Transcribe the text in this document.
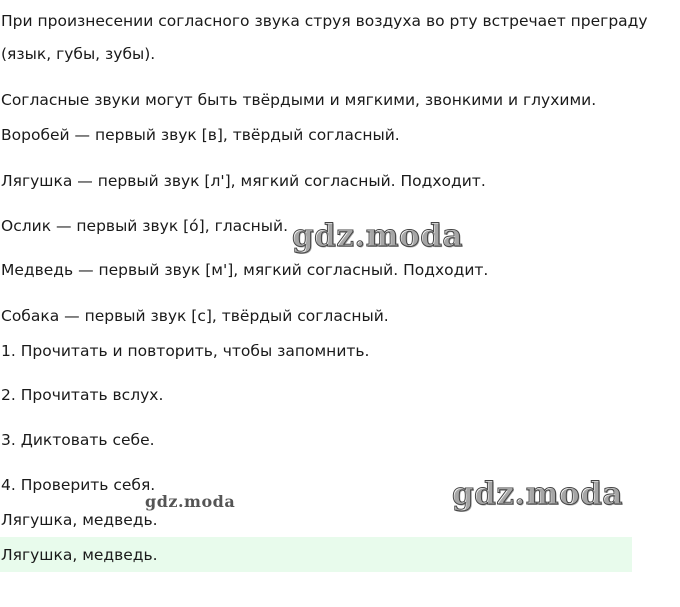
При произнесении согласного звука струя воздуха во рту встречает преграду
(язык, губы, зубы).
Согласные звуки могут быть твёрдыми и мягкими, звонкими и глухими.
Воробей — первый звук [в], твёрдый согласный.
Лягушка — первый звук [л'], мягкий согласный. Подходит.
Ослик — первый звук [о́], гласный.
Медведь — первый звук [м'], мягкий согласный. Подходит.
Собака — первый звук [с], твёрдый согласный.
1. Прочитать и повторить, чтобы запомнить.
2. Прочитать вслух.
3. Диктовать себе.
4. Проверить себя.
Лягушка, медведь.
Лягушка, медведь.
gdz.moda
gdz.moda
gdz.moda
